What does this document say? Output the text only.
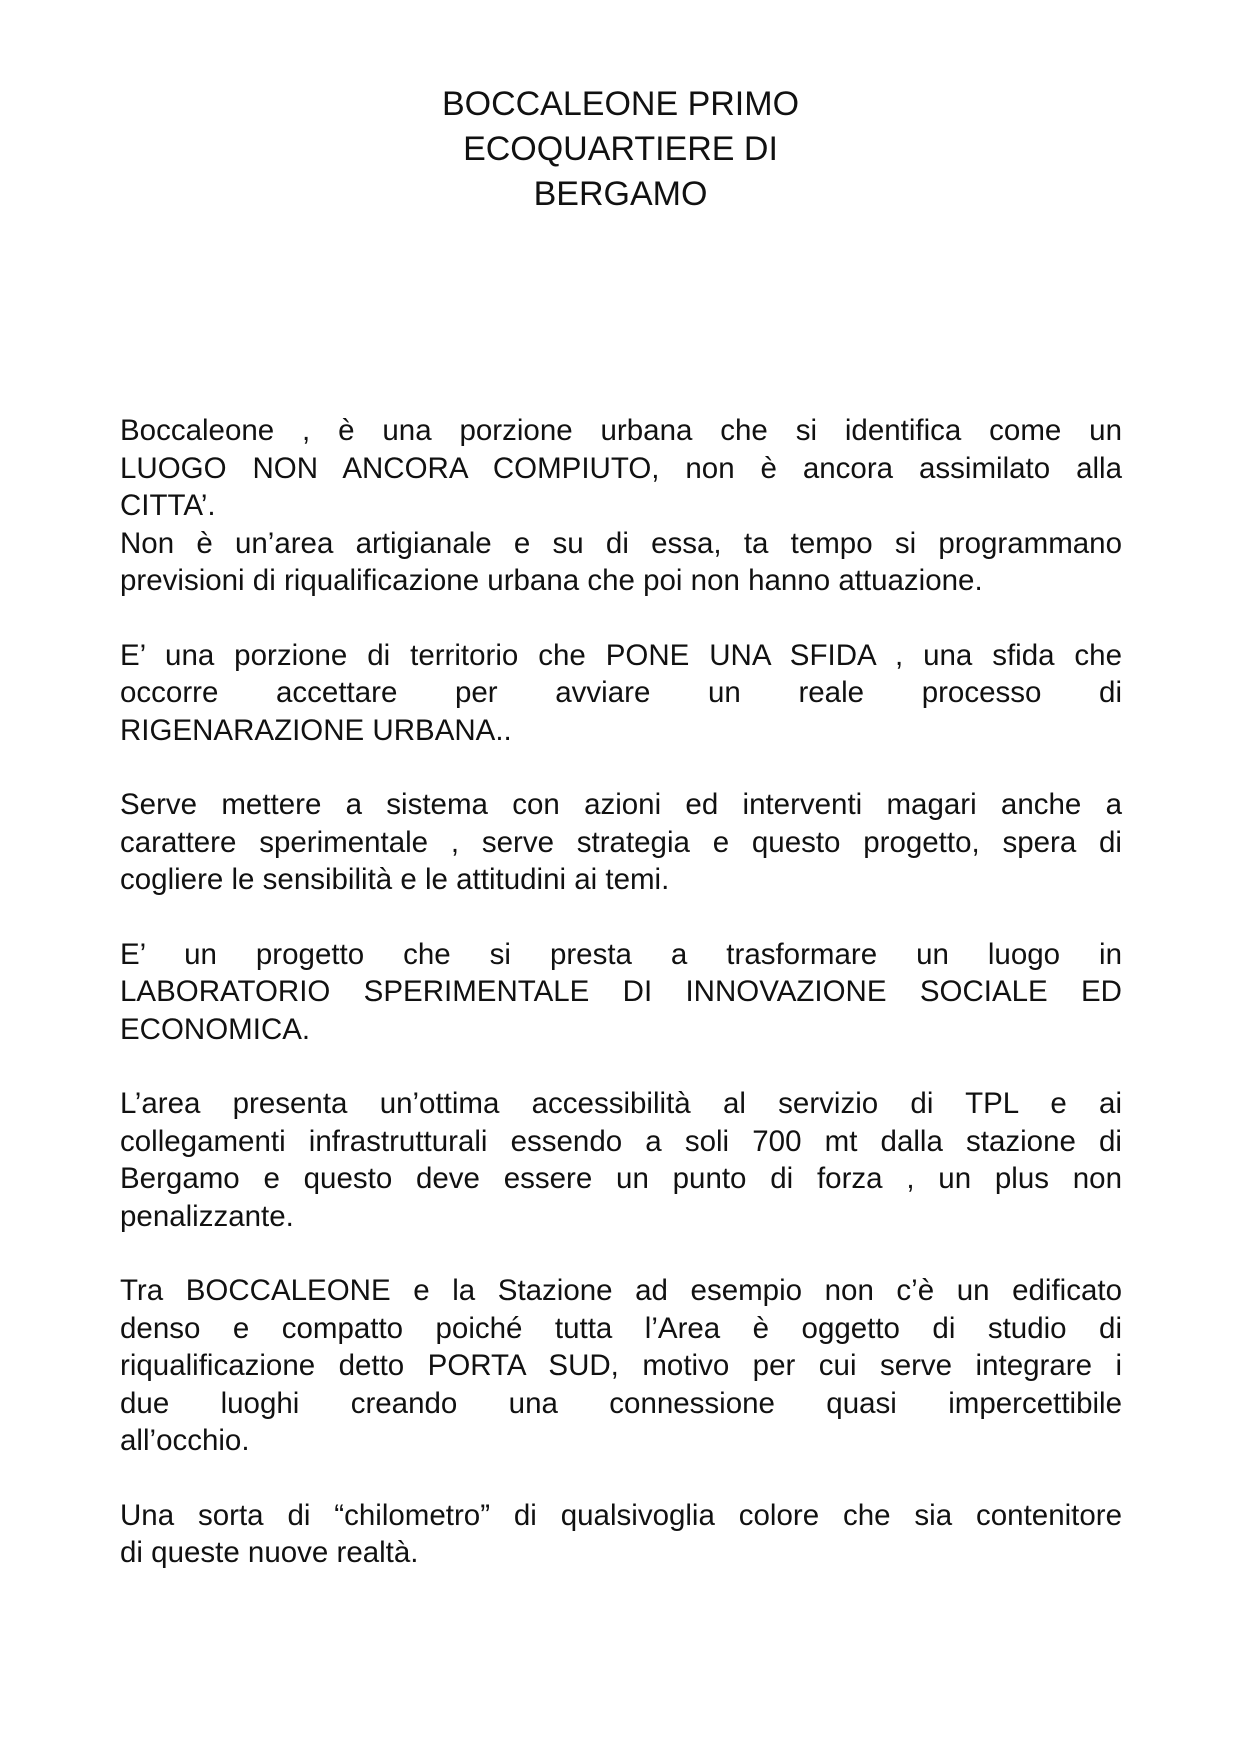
BOCCALEONE PRIMO
ECOQUARTIERE DI
BERGAMO
Boccaleone , è una porzione urbana che si identifica come un
LUOGO NON ANCORA COMPIUTO, non è ancora assimilato alla
CITTA’.
Non è un’area artigianale e su di essa, ta tempo si programmano
previsioni di riqualificazione urbana che poi non hanno attuazione.
E’ una porzione di territorio che PONE UNA SFIDA , una sfida che
occorre accettare per avviare un reale processo di
RIGENARAZIONE URBANA..
Serve mettere a sistema con azioni ed interventi magari anche a
carattere sperimentale , serve strategia e questo progetto, spera di
cogliere le sensibilità e le attitudini ai temi.
E’ un progetto che si presta a trasformare un luogo in
LABORATORIO SPERIMENTALE DI INNOVAZIONE SOCIALE ED
ECONOMICA.
L’area presenta un’ottima accessibilità al servizio di TPL e ai
collegamenti infrastrutturali essendo a soli 700 mt dalla stazione di
Bergamo e questo deve essere un punto di forza , un plus non
penalizzante.
Tra BOCCALEONE e la Stazione ad esempio non c’è un edificato
denso e compatto poiché tutta l’Area è oggetto di studio di
riqualificazione detto PORTA SUD, motivo per cui serve integrare i
due luoghi creando una connessione quasi impercettibile
all’occhio.
Una sorta di “chilometro” di qualsivoglia colore che sia contenitore
di queste nuove realtà.
